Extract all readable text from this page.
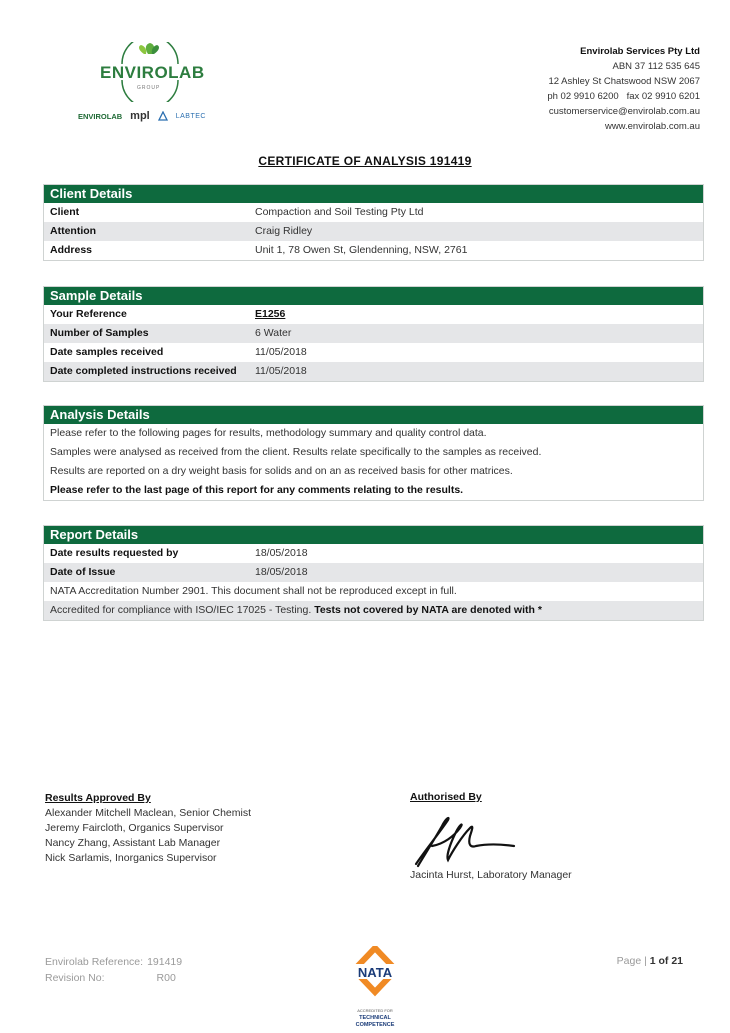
ENVIROLAB
GROUP
ENVIROLAB mpl	LABTEC
Envirolab Services Pty Ltd
ABN 37 112 535 645
12 Ashley St Chatswood NSW 2067
ph 02 9910 6200   fax 02 9910 6201
customerservice@envirolab.com.au
www.envirolab.com.au
CERTIFICATE OF ANALYSIS 191419
Client Details
Client	Compaction and Soil Testing Pty Ltd
Attention	Craig Ridley
Address	Unit 1, 78 Owen St, Glendenning, NSW, 2761
Sample Details
Your Reference	E1256
Number of Samples	6 Water
Date samples received	11/05/2018
Date completed instructions received	11/05/2018
Analysis Details
Please refer to the following pages for results, methodology summary and quality control data.
Samples were analysed as received from the client. Results relate specifically to the samples as received.
Results are reported on a dry weight basis for solids and on an as received basis for other matrices.
Please refer to the last page of this report for any comments relating to the results.
Report Details
Date results requested by	18/05/2018
Date of Issue	18/05/2018
NATA Accreditation Number 2901. This document shall not be reproduced except in full.
Accredited for compliance with ISO/IEC 17025 - Testing.
Tests not covered by NATA are denoted with *
Results Approved By
Alexander Mitchell Maclean, Senior Chemist
Jeremy Faircloth, Organics Supervisor
Nancy Zhang, Assistant Lab Manager
Nick Sarlamis, Inorganics Supervisor
Authorised By
Jacinta Hurst, Laboratory Manager
Envirolab Reference: 191419
Revision No:	R00	NATA
ACCREDITED FOR
TECHNICAL
COMPETENCE
Page | 1 of 21
